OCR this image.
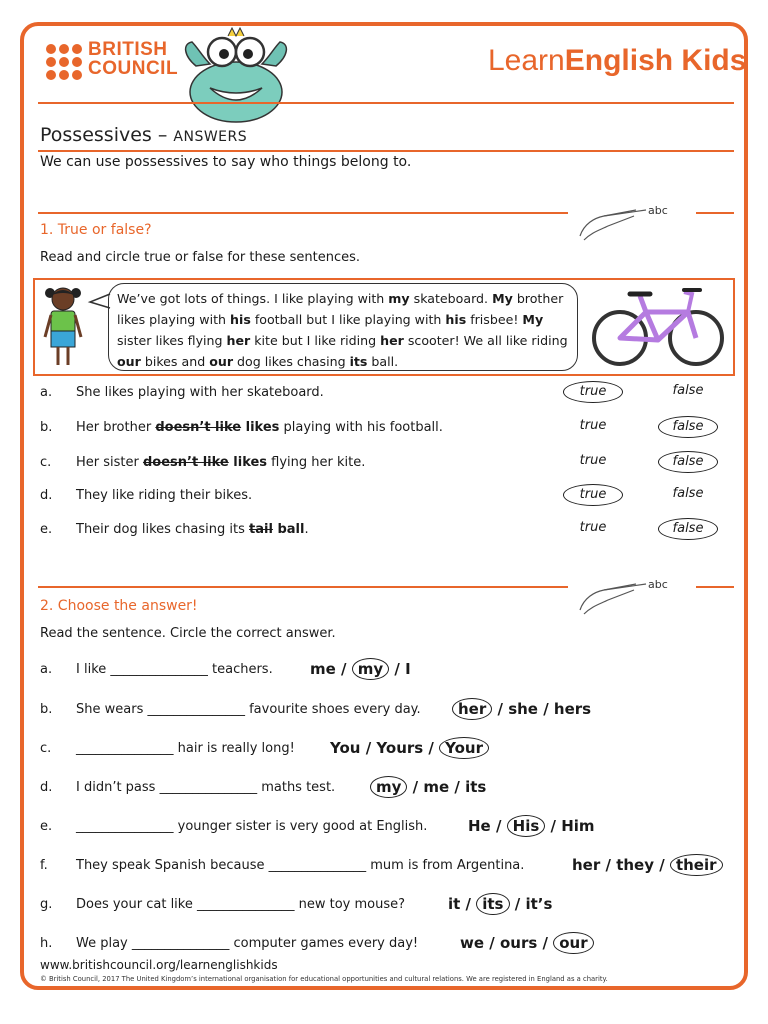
BRITISH
COUNCIL	LearnEnglish Kids
Possessives – ANSWERS
We can use possessives to say who things belong to.
abc
1. True or false?
Read and circle true or false for these sentences.
We’ve got lots of things. I like playing with my skateboard. My brother likes playing with his football but I like playing with his frisbee! My sister likes flying her kite but I like riding her scooter! We all like riding our bikes and our dog likes chasing its ball.
a. She likes playing with her skateboard.	true	false
b. Her brother doesn’t like likes playing with his football.	true	false
c. Her sister doesn’t like likes flying her kite.	true	false
d. They like riding their bikes.	true	false
e. Their dog likes chasing its tail ball.	true	false
abc
2. Choose the answer!
Read the sentence. Circle the correct answer.
a. I like _______________ teachers. me / my / I
b. She wears _______________ favourite shoes every day.	her / she / hers
c. _______________ hair is really long! You / Yours / Your
d. I didn’t pass _______________ maths test.	my / me / its
e. _______________ younger sister is very good at English.	He / His / Him
f. They speak Spanish because _______________ mum is from Argentina.	her / they / their
g. Does your cat like _______________ new toy mouse?	it / its / it’s
h. We play _______________ computer games every day!	we / ours / our
www.britishcouncil.org/learnenglishkids
© British Council, 2017 The United Kingdom’s international organisation for educational opportunities and cultural relations. We are registered in England as a charity.
